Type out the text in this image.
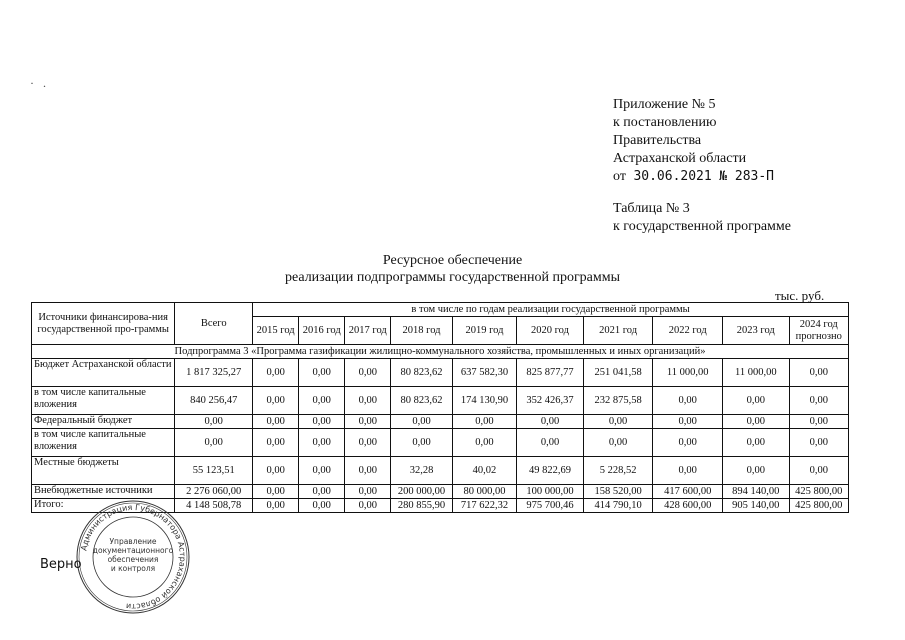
· .
Приложение № 5
к постановлению
Правительства
Астраханской области
от 30.06.2021 № 283-П
Таблица № 3
к государственной программе
Ресурсное обеспечение
реализации подпрограммы государственной программы
тыс. руб.
Источники финансирова-ния государственной про-граммы	Всего	в том числе по годам реализации государственной программы									
		2015 год	2016 год	2017 год	2018 год	2019 год	2020 год	2021 год	2022 год	2023 год	2024 год прогнозно
Подпрограмма 3 «Программа газификации жилищно-коммунального хозяйства, промышленных и иных организаций»											
Бюджет Астраханской области	1 817 325,27	0,00	0,00	0,00	80 823,62	637 582,30	825 877,77	251 041,58	11 000,00	11 000,00	0,00
в том числе капитальные вложения	840 256,47	0,00	0,00	0,00	80 823,62	174 130,90	352 426,37	232 875,58	0,00	0,00	0,00
Федеральный бюджет	0,00	0,00	0,00	0,00	0,00	0,00	0,00	0,00	0,00	0,00	0,00
в том числе капитальные вложения	0,00	0,00	0,00	0,00	0,00	0,00	0,00	0,00	0,00	0,00	0,00
Местные бюджеты	55 123,51	0,00	0,00	0,00	32,28	40,02	49 822,69	5 228,52	0,00	0,00	0,00
Внебюджетные источники	2 276 060,00	0,00	0,00	0,00	200 000,00	80 000,00	100 000,00	158 520,00	417 600,00	894 140,00	425 800,00
Итого:	4 148 508,78	0,00	0,00	0,00	280 855,90	717 622,32	975 700,46	414 790,10	428 600,00	905 140,00	425 800,00
Администрация Губернатора Астраханской области
Управление документационного обеспечения и контроля
Верно
